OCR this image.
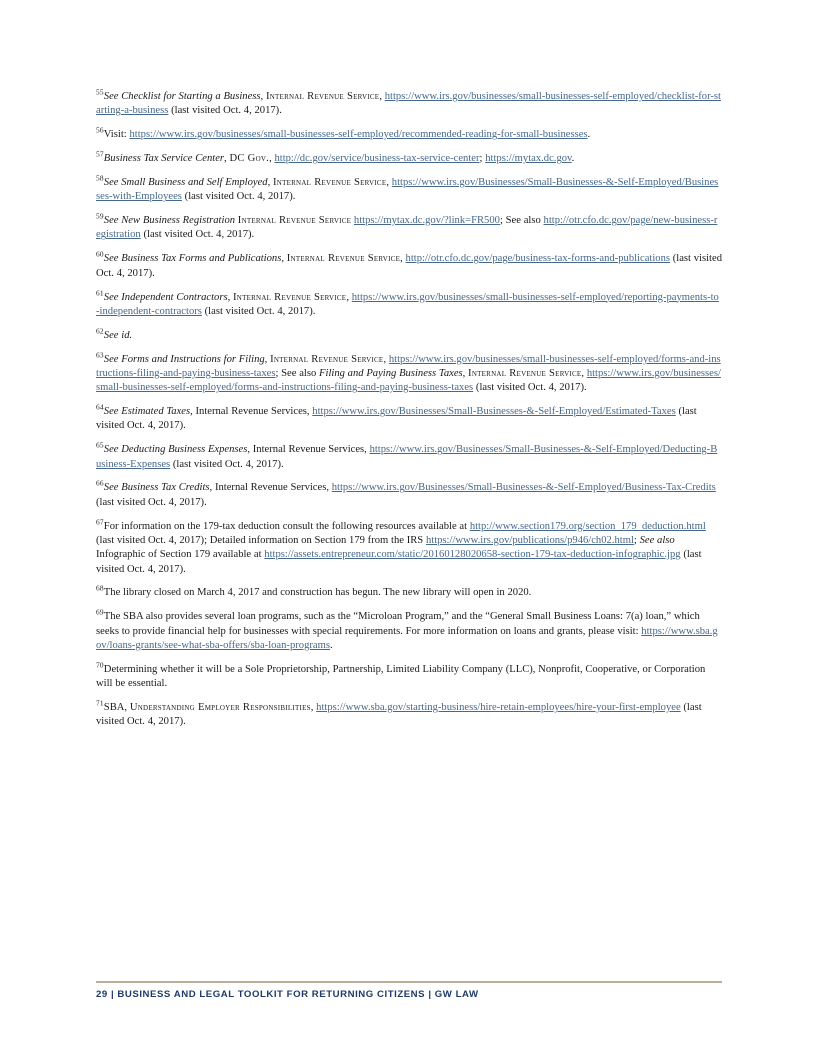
$^{55}$See Checklist for Starting a Business, Internal Revenue Service, https://www.irs.gov/businesses/small-businesses-self-employed/checklist-for-starting-a-business (last visited Oct. 4, 2017).

$^{56}$Visit: https://www.irs.gov/businesses/small-businesses-self-employed/recommended-reading-for-small-businesses.

$^{57}$Business Tax Service Center, DC Gov., http://dc.gov/service/business-tax-service-center; https://mytax.dc.gov.

$^{58}$See Small Business and Self Employed, Internal Revenue Service, https://www.irs.gov/Businesses/Small-Businesses-&-Self-Employed/Businesses-with-Employees (last visited Oct. 4, 2017).

$^{59}$See New Business Registration Internal Revenue Service https://mytax.dc.gov/?link=FR500; See also http://otr.cfo.dc.gov/page/new-business-registration (last visited Oct. 4, 2017).

$^{60}$See Business Tax Forms and Publications, Internal Revenue Service, http://otr.cfo.dc.gov/page/business-tax-forms-and-publications (last visited Oct. 4, 2017).

$^{61}$See Independent Contractors, Internal Revenue Service, https://www.irs.gov/businesses/small-businesses-self-employed/reporting-payments-to-independent-contractors (last visited Oct. 4, 2017).

$^{62}$See id.

$^{63}$See Forms and Instructions for Filing, Internal Revenue Service, https://www.irs.gov/businesses/small-businesses-self-employed/forms-and-instructions-filing-and-paying-business-taxes; See also Filing and Paying Business Taxes, Internal Revenue Service, https://www.irs.gov/businesses/small-businesses-self-employed/forms-and-instructions-filing-and-paying-business-taxes (last visited Oct. 4, 2017).

$^{64}$See Estimated Taxes, Internal Revenue Services, https://www.irs.gov/Businesses/Small-Businesses-&-Self-Employed/Estimated-Taxes (last visited Oct. 4, 2017).

$^{65}$See Deducting Business Expenses, Internal Revenue Services, https://www.irs.gov/Businesses/Small-Businesses-&-Self-Employed/Deducting-Business-Expenses (last visited Oct. 4, 2017).

$^{66}$See Business Tax Credits, Internal Revenue Services, https://www.irs.gov/Businesses/Small-Businesses-&-Self-Employed/Business-Tax-Credits (last visited Oct. 4, 2017).

$^{67}$For information on the 179-tax deduction consult the following resources available at http://www.section179.org/section_179_deduction.html (last visited Oct. 4, 2017); Detailed information on Section 179 from the IRS https://www.irs.gov/publications/p946/ch02.html; See also Infographic of Section 179 available at https://assets.entrepreneur.com/static/20160128020658-section-179-tax-deduction-infographic.jpg (last visited Oct. 4, 2017).

$^{68}$The library closed on March 4, 2017 and construction has begun. The new library will open in 2020.

$^{69}$The SBA also provides several loan programs, such as the “Microloan Program,” and the “General Small Business Loans: 7(a) loan,” which seeks to provide financial help for businesses with special requirements. For more information on loans and grants, please visit: https://www.sba.gov/loans-grants/see-what-sba-offers/sba-loan-programs.

$^{70}$Determining whether it will be a Sole Proprietorship, Partnership, Limited Liability Company (LLC), Nonprofit, Cooperative, or Corporation will be essential.

$^{71}$SBA, Understanding Employer Responsibilities, https://www.sba.gov/starting-business/hire-retain-employees/hire-your-first-employee (last visited Oct. 4, 2017).

29 | BUSINESS AND LEGAL TOOLKIT FOR RETURNING CITIZENS | GW LAW
